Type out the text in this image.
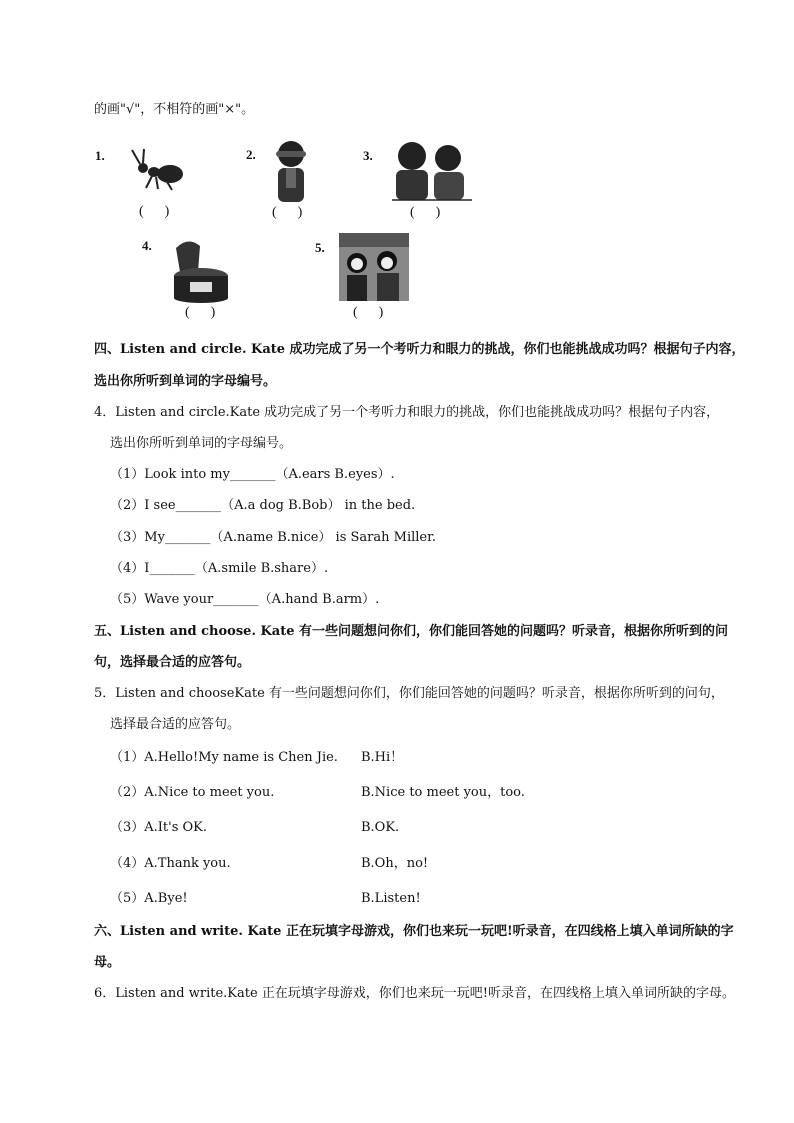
的画"√"，不相符的画"×"。
1.
(      )
2.
(      )
3.
(      )
4.
(      )
5.
(      )
四、Listen and circle. Kate 成功完成了另一个考听力和眼力的挑战，你们也能挑战成功吗？根据句子内容，
选出你所听到单词的字母编号。
4．Listen and circle.Kate 成功完成了另一个考听力和眼力的挑战，你们也能挑战成功吗？根据句子内容，
选出你所听到单词的字母编号。
（1）Look into my_______（A.ears B.eyes）.
（2）I see_______（A.a dog B.Bob） in the bed.
（3）My_______（A.name B.nice） is Sarah Miller.
（4）I_______（A.smile B.share）.
（5）Wave your_______（A.hand B.arm）.
五、Listen and choose. Kate 有一些问题想问你们，你们能回答她的问题吗？听录音，根据你所听到的问
句，选择最合适的应答句。
5．Listen and chooseKate 有一些问题想问你们，你们能回答她的问题吗？听录音，根据你所听到的问句，
选择最合适的应答句。
（1）A.Hello!My name is Chen Jie. B.Hi！
（2）A.Nice to meet you.	B.Nice to meet you，too.
（3）A.It's OK.	B.OK.
（4）A.Thank you.	B.Oh，no!
（5）A.Bye!	B.Listen!
六、Listen and write. Kate 正在玩填字母游戏，你们也来玩一玩吧!听录音，在四线格上填入单词所缺的字
母。
6．Listen and write.Kate 正在玩填字母游戏，你们也来玩一玩吧!听录音，在四线格上填入单词所缺的字母。
